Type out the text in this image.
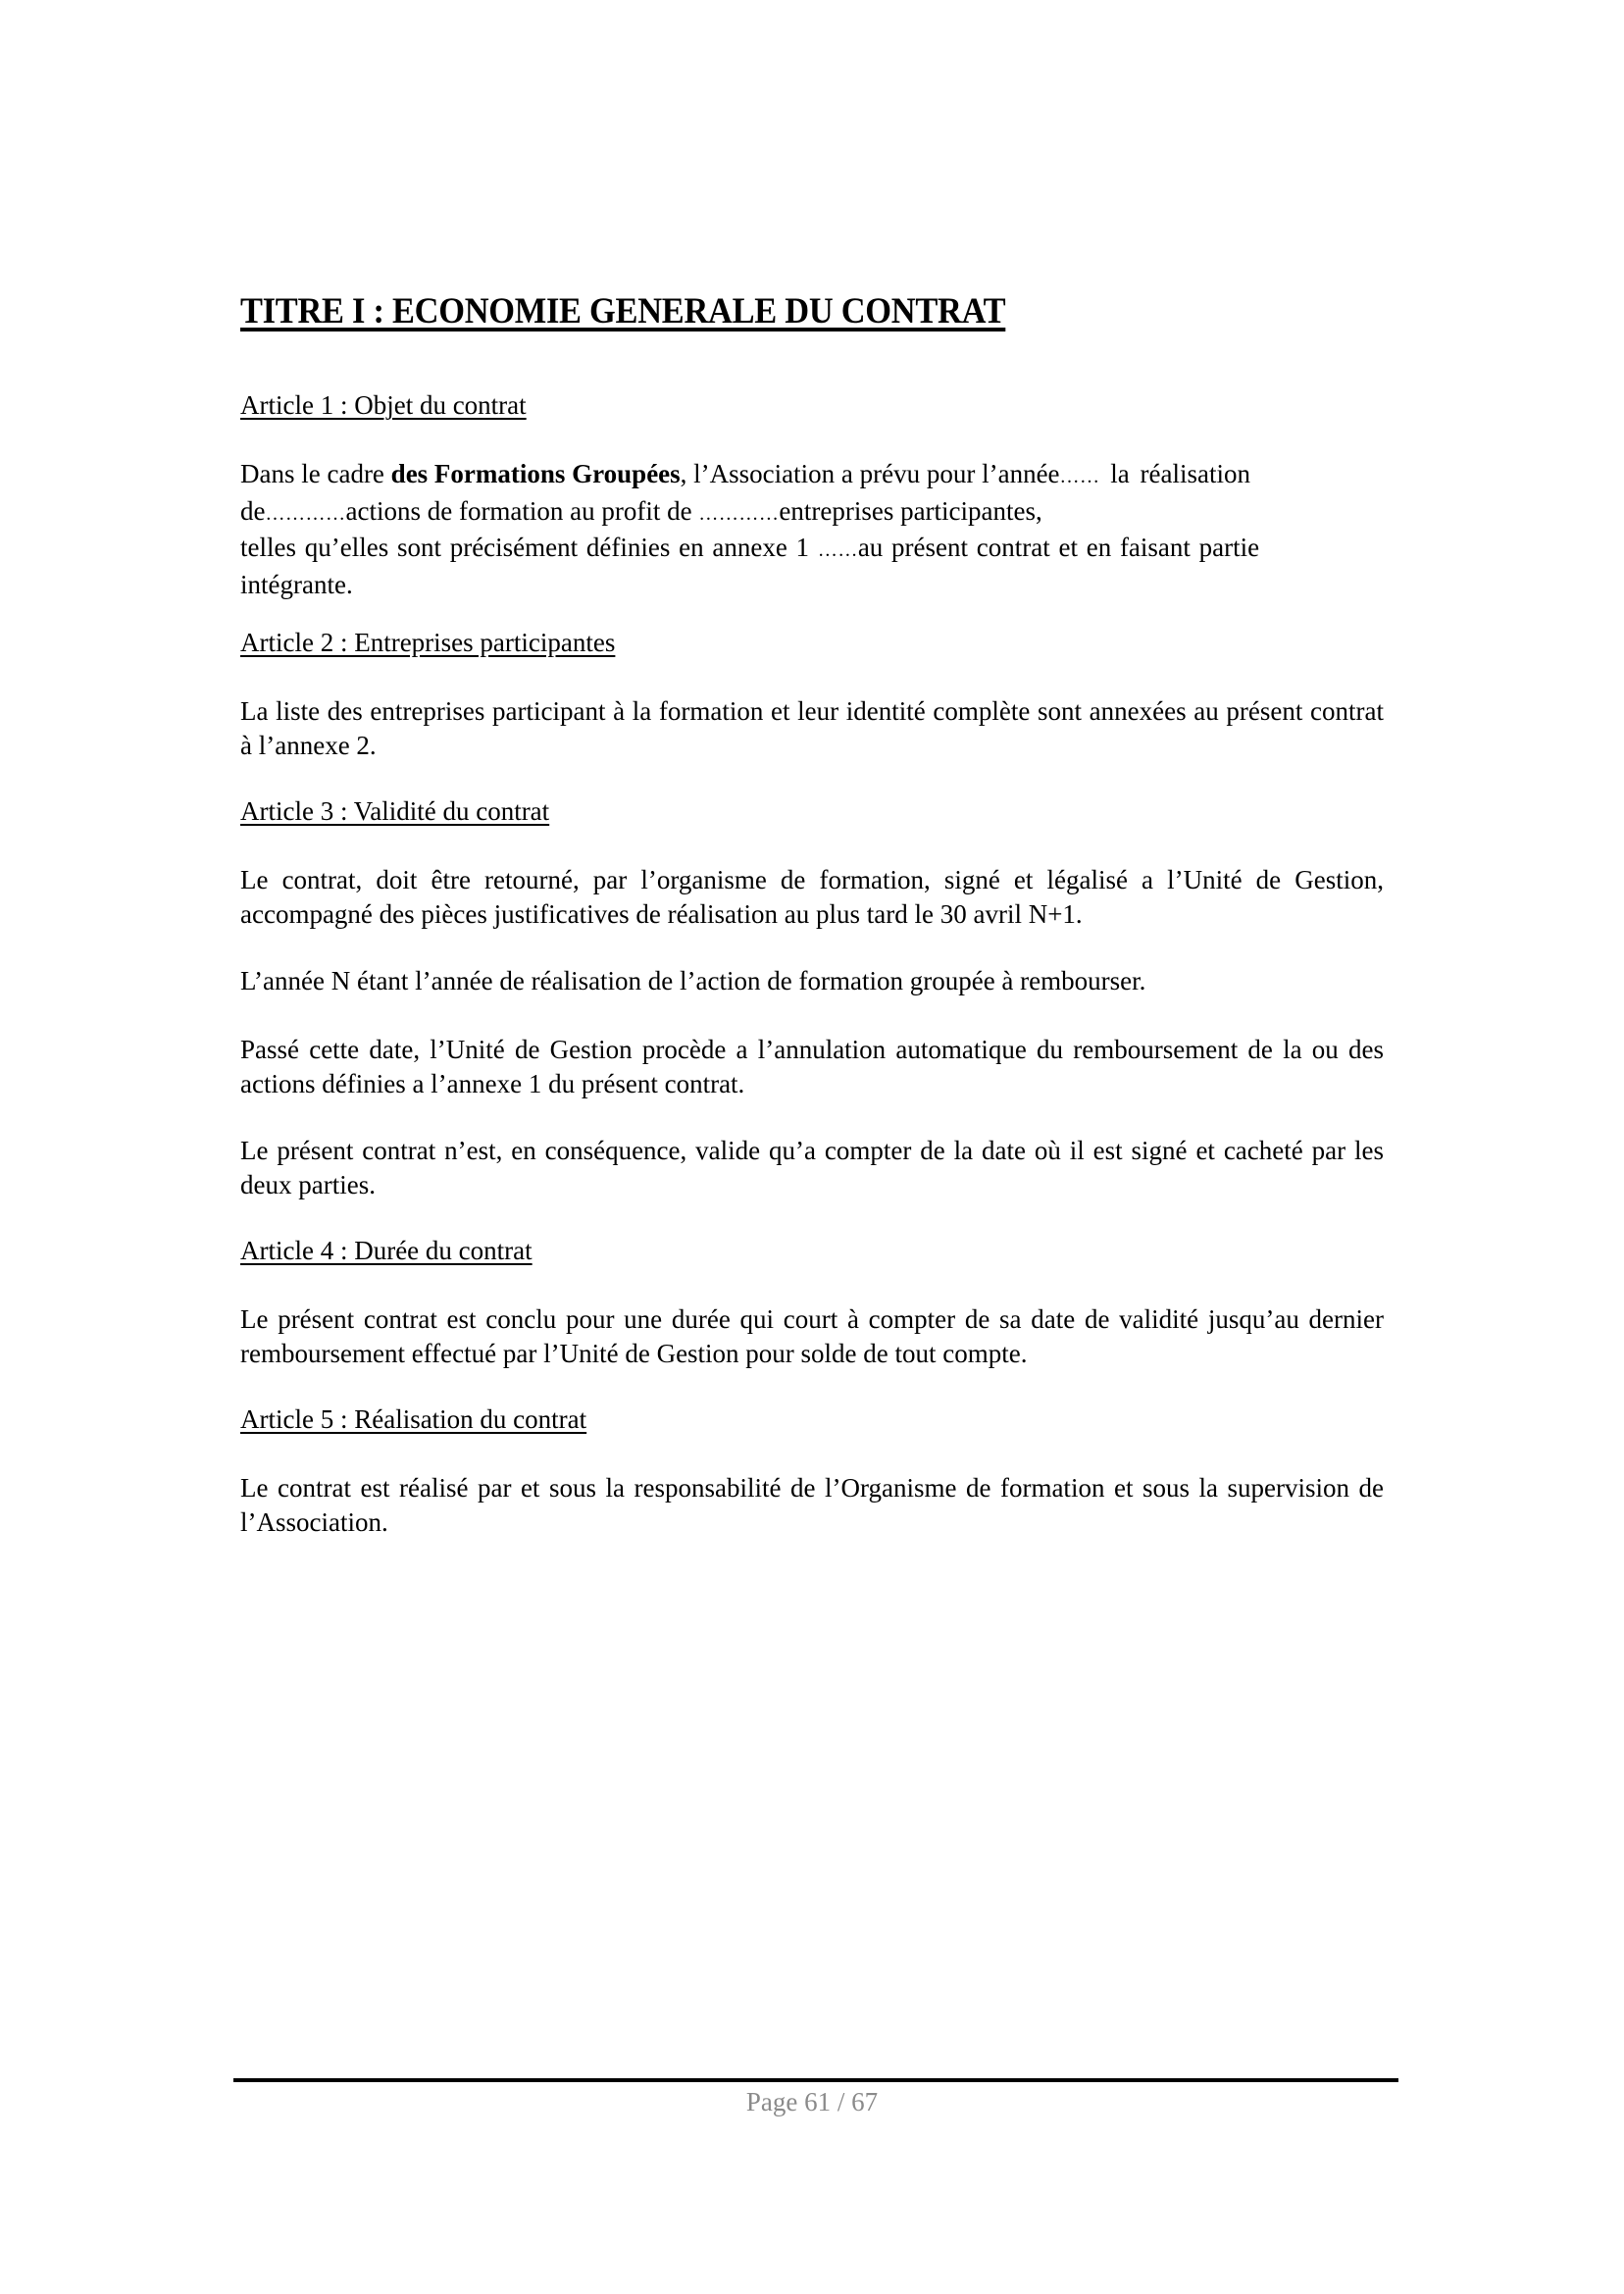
TITRE I : ECONOMIE GENERALE DU CONTRAT
Article 1 : Objet du contrat
Dans le cadre des Formations Groupées, l’Association a prévu pour l’année…… la réalisation
de…………actions de formation au profit de …………entreprises participantes,
telles qu’elles sont précisément définies en annexe 1 ……au présent contrat et en faisant partie
intégrante.
Article 2 : Entreprises participantes

La liste des entreprises participant à la formation et leur identité complète sont annexées au présent contrat à l’annexe 2.

Article 3 : Validité du contrat

Le contrat, doit être retourné, par l’organisme de formation, signé et légalisé a l’Unité de Gestion, accompagné des pièces justificatives de réalisation au plus tard le 30 avril N+1.

L’année N étant l’année de réalisation de l’action de formation groupée à rembourser.

Passé cette date, l’Unité de Gestion procède a l’annulation automatique du remboursement de la ou des actions définies a l’annexe 1 du présent contrat.

Le présent contrat n’est, en conséquence, valide qu’a compter de la date où il est signé et cacheté par les deux parties.

Article 4 : Durée du contrat

Le présent contrat est conclu pour une durée qui court à compter de sa date de validité jusqu’au dernier remboursement effectué par l’Unité de Gestion pour solde de tout compte.

Article 5 : Réalisation du contrat

Le contrat est réalisé par et sous la responsabilité de l’Organisme de formation et sous la supervision de l’Association.

Page 61 / 67
